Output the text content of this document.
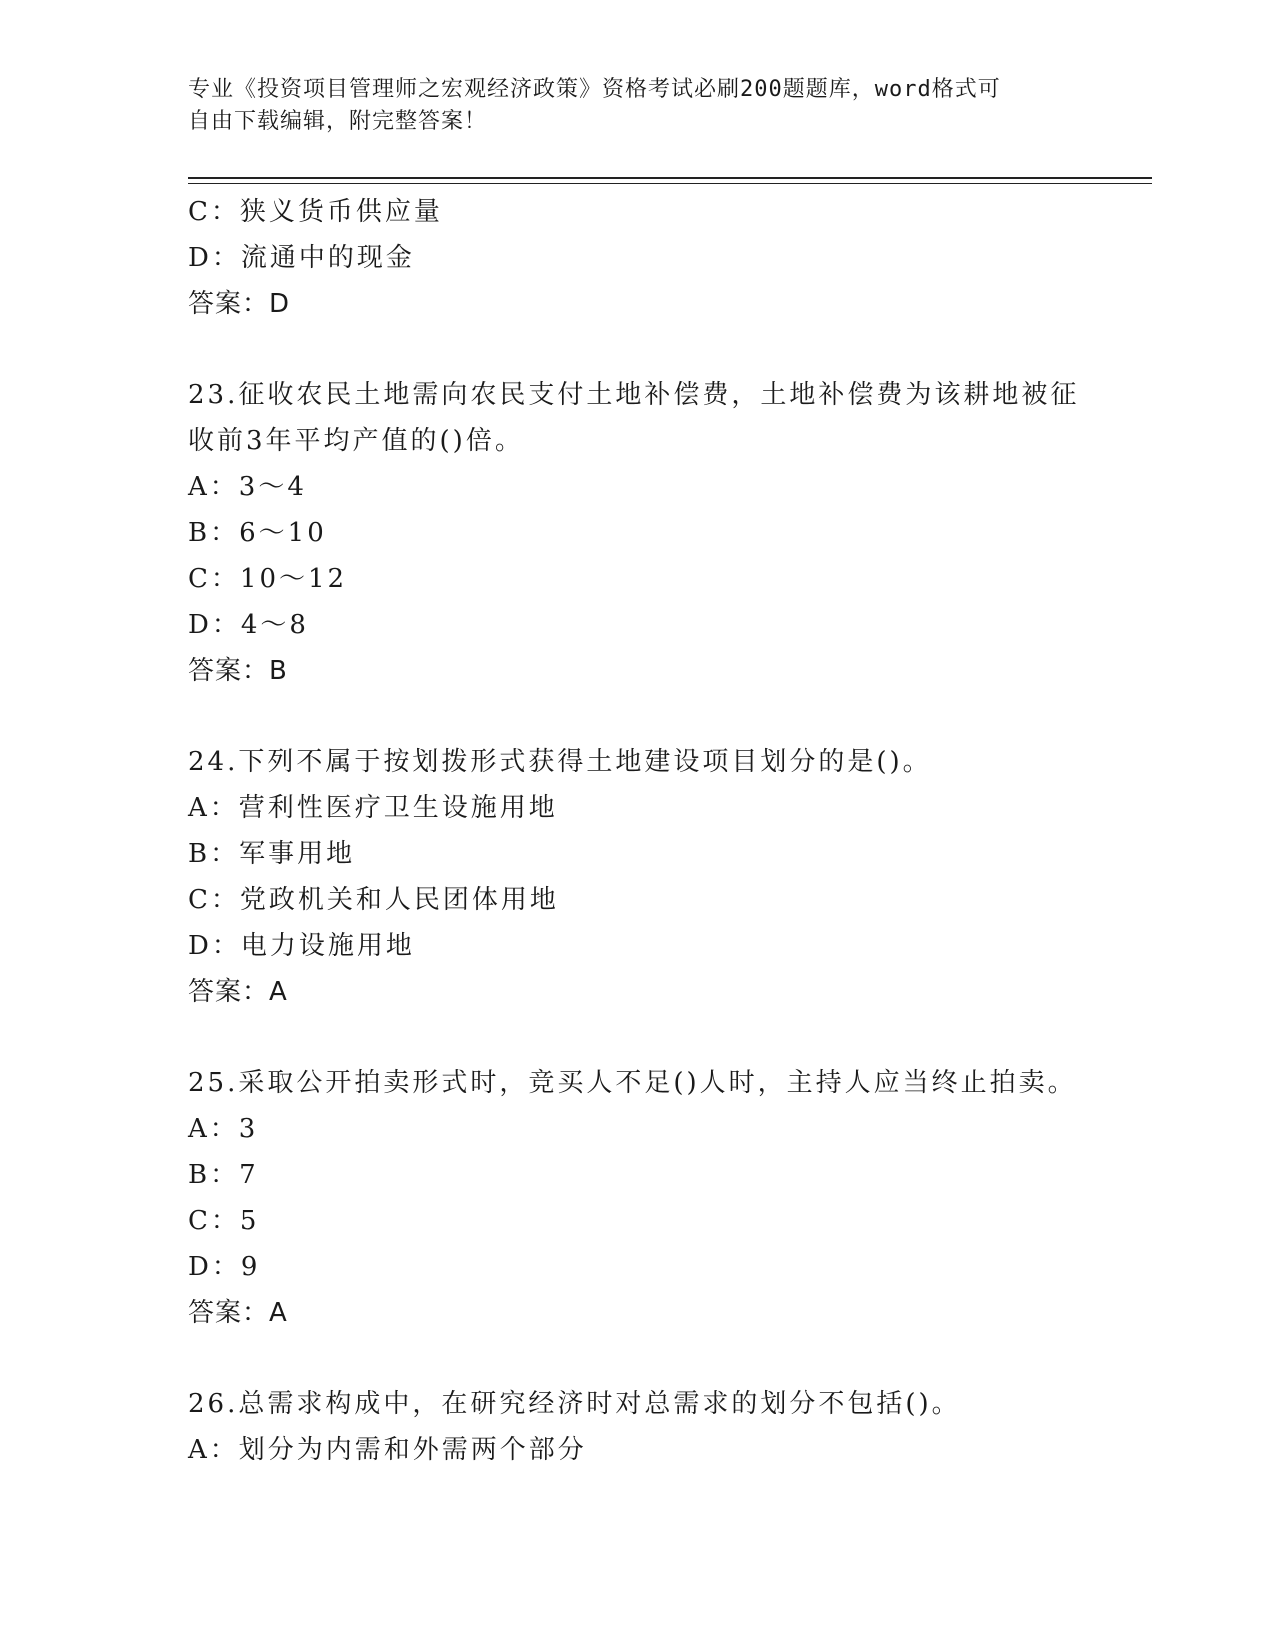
专业《投资项目管理师之宏观经济政策》资格考试必刷200题题库，word格式可
自由下载编辑，附完整答案！
C：狭义货币供应量
D：流通中的现金
答案：D
23.征收农民土地需向农民支付土地补偿费，土地补偿费为该耕地被征
收前3年平均产值的()倍。
A：3～4
B：6～10
C：10～12
D：4～8
答案：B
24.下列不属于按划拨形式获得土地建设项目划分的是()。
A：营利性医疗卫生设施用地
B：军事用地
C：党政机关和人民团体用地
D：电力设施用地
答案：A
25.采取公开拍卖形式时，竞买人不足()人时，主持人应当终止拍卖。
A：3
B：7
C：5
D：9
答案：A
26.总需求构成中，在研究经济时对总需求的划分不包括()。
A：划分为内需和外需两个部分
